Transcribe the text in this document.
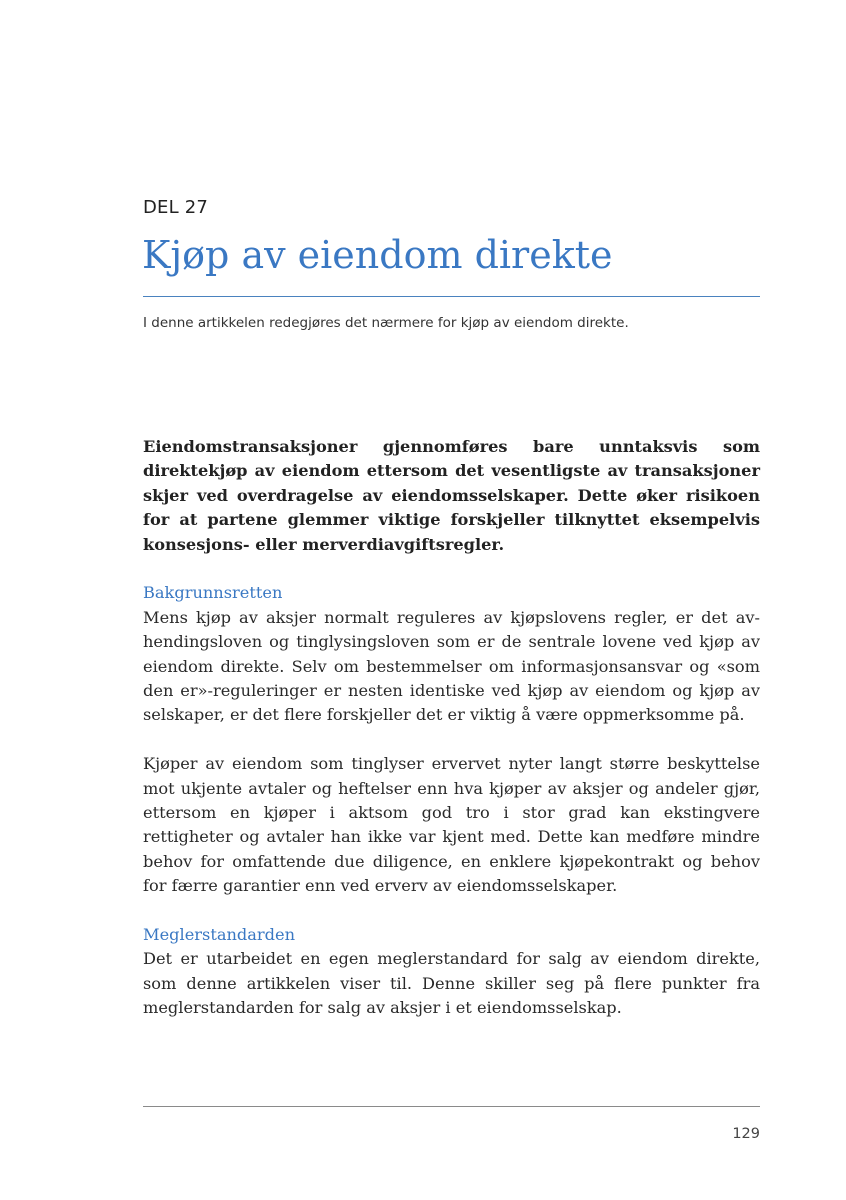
DEL 27
Kjøp av eiendom direkte
I denne artikkelen redegjøres det nærmere for kjøp av eiendom direkte.

Eiendomstransaksjoner gjennomføres bare unntaksvis som direktekjøp av eiendom ettersom det vesentligste av transaksjoner skjer ved overdragelse av eiendomsselskaper. Dette øker risikoen for at partene glemmer viktige forskjeller tilknyttet eksempelvis konsesjons- eller merverdiavgiftsregler.

Bakgrunnsretten

Mens kjøp av aksjer normalt reguleres av kjøpslovens regler, er det avhendingsloven og tinglysingsloven som er de sentrale lovene ved kjøp av eiendom direkte. Selv om bestemmelser om informasjonsansvar og «som den er»-reguleringer er nesten identiske ved kjøp av eiendom og kjøp av selskaper, er det flere forskjeller det er viktig å være oppmerksomme på.

Kjøper av eiendom som tinglyser ervervet nyter langt større beskyttelse mot ukjente avtaler og heftelser enn hva kjøper av aksjer og andeler gjør, ettersom en kjøper i aktsom god tro i stor grad kan ekstingvere rettigheter og avtaler han ikke var kjent med. Dette kan medføre mindre behov for omfattende due diligence, en enklere kjøpekontrakt og behov for færre garantier enn ved erverv av eiendomsselskaper.

Meglerstandarden

Det er utarbeidet en egen meglerstandard for salg av eiendom direkte, som denne artikkelen viser til. Denne skiller seg på flere punkter fra meglerstandarden for salg av aksjer i et eiendomsselskap.

129
